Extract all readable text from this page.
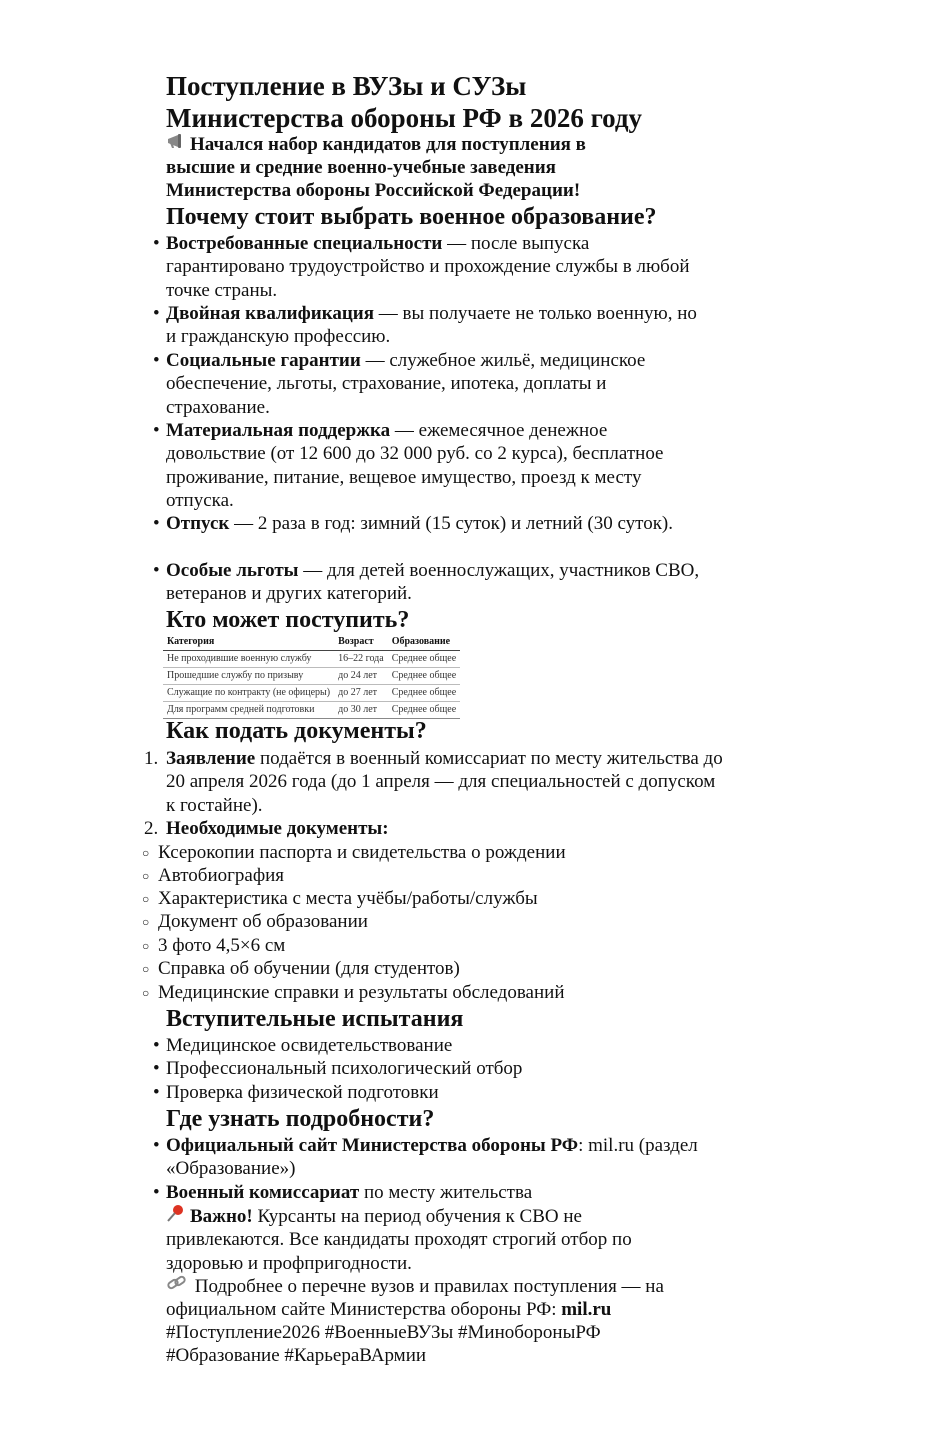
Поступление в ВУЗы и СУЗы
Министерства обороны РФ в 2026 году
Начался набор кандидатов для поступления в высшие и средние военно-учебные заведения Министерства обороны Российской Федерации!
Почему стоит выбрать военное образование?
• Востребованные специальности — после выпуска гарантировано трудоустройство и прохождение службы в любой точке страны.
• Двойная квалификация — вы получаете не только военную, но и гражданскую профессию.
• Социальные гарантии — служебное жильё, медицинское обеспечение, льготы, страхование, ипотека, доплаты и страхование.
• Материальная поддержка — ежемесячное денежное довольствие (от 12 600 до 32 000 руб. со 2 курса), бесплатное проживание, питание, вещевое имущество, проезд к месту отпуска.
• Отпуск — 2 раза в год: зимний (15 суток) и летний (30 суток).
• Особые льготы — для детей военнослужащих, участников СВО, ветеранов и других категорий.
Кто может поступить?
Категория	Возраст	Образование
Не проходившие военную службу	16–22 года	Среднее общее
Прошедшие службу по призыву	до 24 лет	Среднее общее
Служащие по контракту (не офицеры)	до 27 лет	Среднее общее
Для программ средней подготовки	до 30 лет	Среднее общее
Как подать документы?
1. Заявление подаётся в военный комиссариат по месту жительства до 20 апреля 2026 года (до 1 апреля — для специальностей с допуском к гостайне).
2. Необходимые документы:
○ Ксерокопии паспорта и свидетельства о рождении
○ Автобиография
○ Характеристика с места учёбы/работы/службы
○ Документ об образовании
○ 3 фото 4,5×6 см
○ Справка об обучении (для студентов)
○ Медицинские справки и результаты обследований
Вступительные испытания
• Медицинское освидетельствование
• Профессиональный психологический отбор
• Проверка физической подготовки
Где узнать подробности?
• Официальный сайт Министерства обороны РФ: mil.ru (раздел «Образование»)
• Военный комиссариат по месту жительства
Важно! Курсанты на период обучения к СВО не привлекаются. Все кандидаты проходят строгий отбор по здоровью и профпригодности.
Подробнее о перечне вузов и правилах поступления — на официальном сайте Министерства обороны РФ: mil.ru
#Поступление2026 #ВоенныеВУЗы #МинобороныРФ #Образование #КарьераВАрмии
